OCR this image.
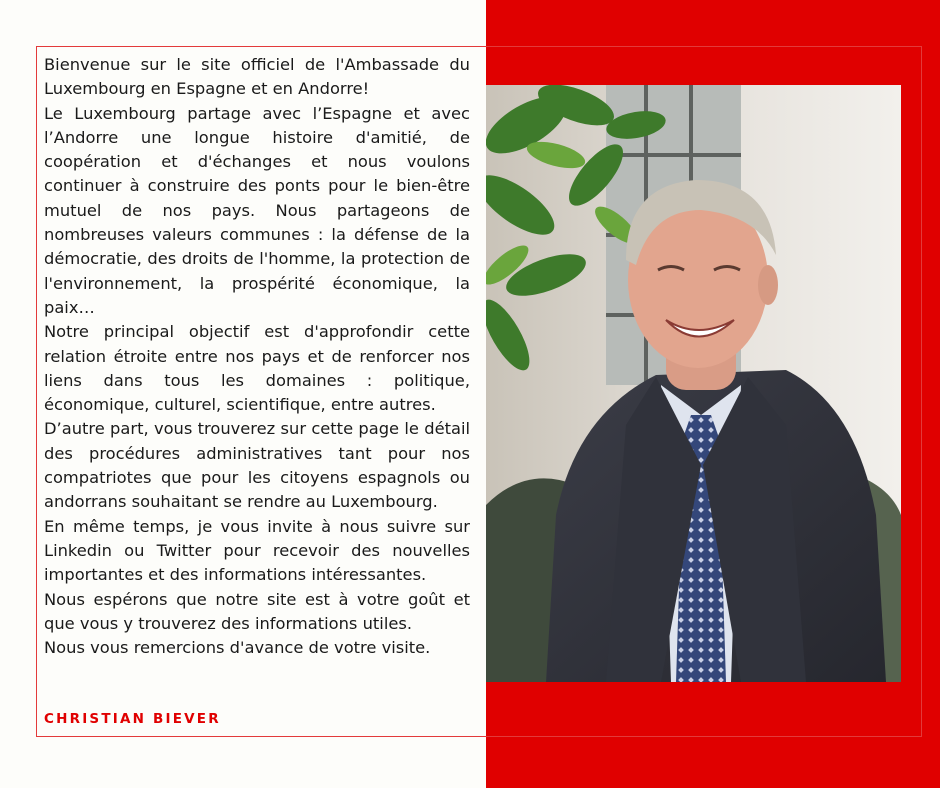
Bienvenue sur le site officiel de l'Ambassade du Luxembourg en Espagne et en Andorre!

Le Luxembourg partage avec l’Espagne et avec l’Andorre une longue histoire d'amitié, de coopération et d'échanges et nous voulons continuer à construire des ponts pour le bien-être mutuel de nos pays. Nous partageons de nombreuses valeurs communes : la défense de la démocratie, des droits de l'homme, la protection de l'environnement, la prospérité économique, la paix…

Notre principal objectif est d'approfondir cette relation étroite entre nos pays et de renforcer nos liens dans tous les domaines : politique, économique, culturel, scientifique, entre autres.

D’autre part, vous trouverez sur cette page le détail des procédures administratives tant pour nos compatriotes que pour les citoyens espagnols ou andorrans souhaitant se rendre au Luxembourg.

En même temps, je vous invite à nous suivre sur Linkedin ou Twitter pour recevoir des nouvelles importantes et des informations intéressantes.

Nous espérons que notre site est à votre goût et que vous y trouverez des informations utiles.

Nous vous remercions d'avance de votre visite.

CHRISTIAN BIEVER
